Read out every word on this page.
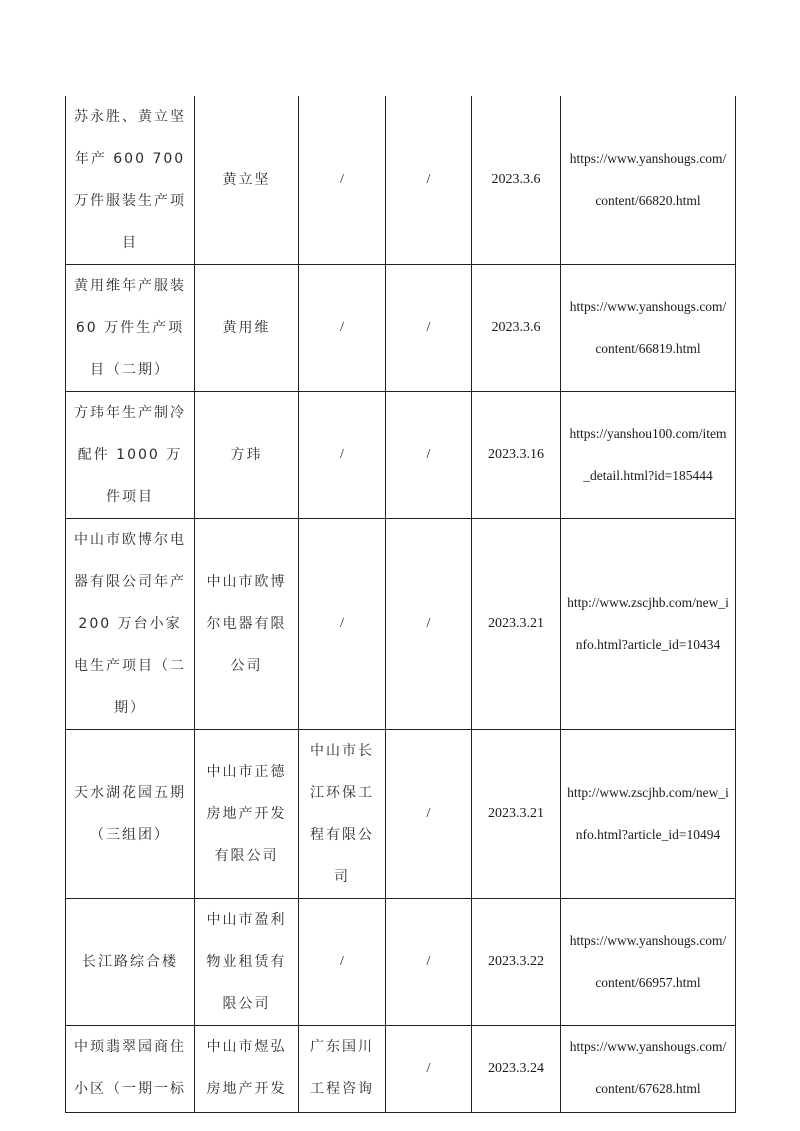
苏永胜、黄立坚年产 600 700 万件服装生产项目	黄立坚	/	/	2023.3.6	https://www.yanshougs.com/content/66820.html
黄用维年产服装60 万件生产项目（二期）	黄用维	/	/	2023.3.6	https://www.yanshougs.com/content/66819.html
方玮年生产制冷配件 1000 万件项目	方玮	/	/	2023.3.16	https://yanshou100.com/item_detail.html?id=185444
中山市欧博尔电器有限公司年产200 万台小家电生产项目（二期）	中山市欧博尔电器有限公司	/	/	2023.3.21	http://www.zscjhb.com/new_info.html?article_id=10434
天水湖花园五期（三组团）	中山市正德房地产开发有限公司	中山市长江环保工程有限公司	/	2023.3.21	http://www.zscjhb.com/new_info.html?article_id=10494
长江路综合楼	中山市盈利物业租赁有限公司	/	/	2023.3.22	https://www.yanshougs.com/content/66957.html
中顼翡翠园商住小区（一期一标	中山市煜弘房地产开发	广东国川工程咨询	/	2023.3.24	https://www.yanshougs.com/content/67628.html
